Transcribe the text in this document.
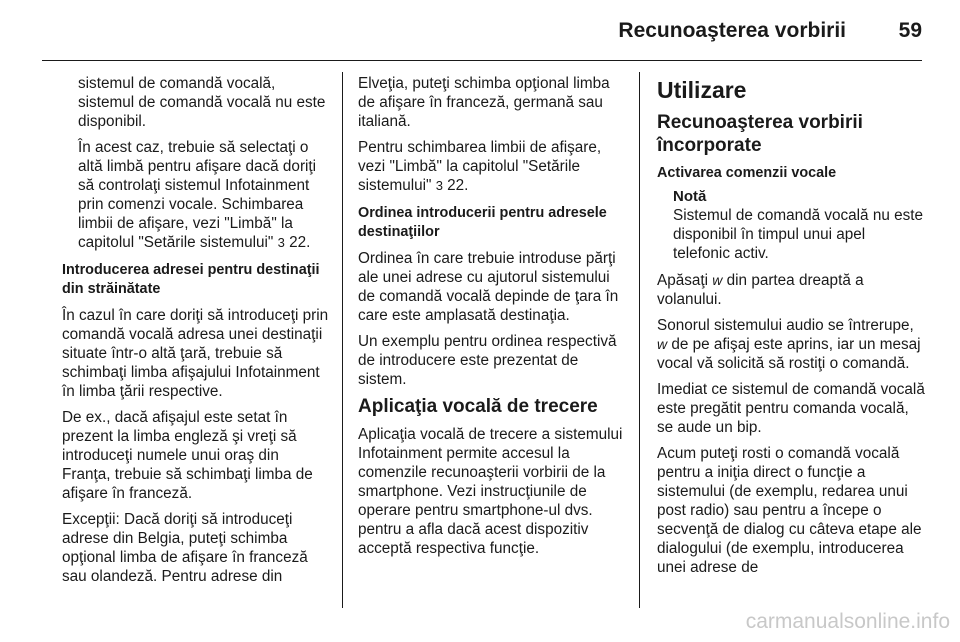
Recunoaşterea vorbirii	59

sistemul de comandă vocală, sistemul de comandă vocală nu este disponibil.

În acest caz, trebuie să selectaţi o altă limbă pentru afişare dacă doriţi să controlaţi sistemul Infotainment prin comenzi vocale. Schimbarea limbii de afişare, vezi "Limbă" la capitolul "Setările sistemului" 3 22.

Introducerea adresei pentru destinaţii din străinătate

În cazul în care doriţi să introduceţi prin comandă vocală adresa unei destinaţii situate într-o altă ţară, trebuie să schimbaţi limba afişajului Infotainment în limba ţării respective.

De ex., dacă afişajul este setat în prezent la limba engleză şi vreţi să introduceţi numele unui oraş din Franţa, trebuie să schimbaţi limba de afişare în franceză.

Excepţii: Dacă doriţi să introduceţi adrese din Belgia, puteţi schimba opţional limba de afişare în franceză sau olandeză. Pentru adrese din

Elveţia, puteţi schimba opţional limba de afişare în franceză, germană sau italiană.

Pentru schimbarea limbii de afişare, vezi "Limbă" la capitolul "Setările sistemului" 3 22.

Ordinea introducerii pentru adresele destinaţiilor

Ordinea în care trebuie introduse părţi ale unei adrese cu ajutorul sistemului de comandă vocală depinde de ţara în care este amplasată destinaţia.

Un exemplu pentru ordinea respectivă de introducere este prezentat de sistem.

Aplicaţia vocală de trecere

Aplicaţia vocală de trecere a sistemului Infotainment permite accesul la comenzile recunoaşterii vorbirii de la smartphone. Vezi instrucţiunile de operare pentru smartphone-ul dvs. pentru a afla dacă acest dispozitiv acceptă respectiva funcţie.

Utilizare

Recunoaşterea vorbirii încorporate

Activarea comenzii vocale

Notă
Sistemul de comandă vocală nu este disponibil în timpul unui apel telefonic activ.

Apăsaţi w din partea dreaptă a volanului.

Sonorul sistemului audio se întrerupe, w de pe afişaj este aprins, iar un mesaj vocal vă solicită să rostiţi o comandă.

Imediat ce sistemul de comandă vocală este pregătit pentru comanda vocală, se aude un bip.

Acum puteţi rosti o comandă vocală pentru a iniţia direct o funcţie a sistemului (de exemplu, redarea unui post radio) sau pentru a începe o secvenţă de dialog cu câteva etape ale dialogului (de exemplu, introducerea unei adrese de

carmanualsonline.info
